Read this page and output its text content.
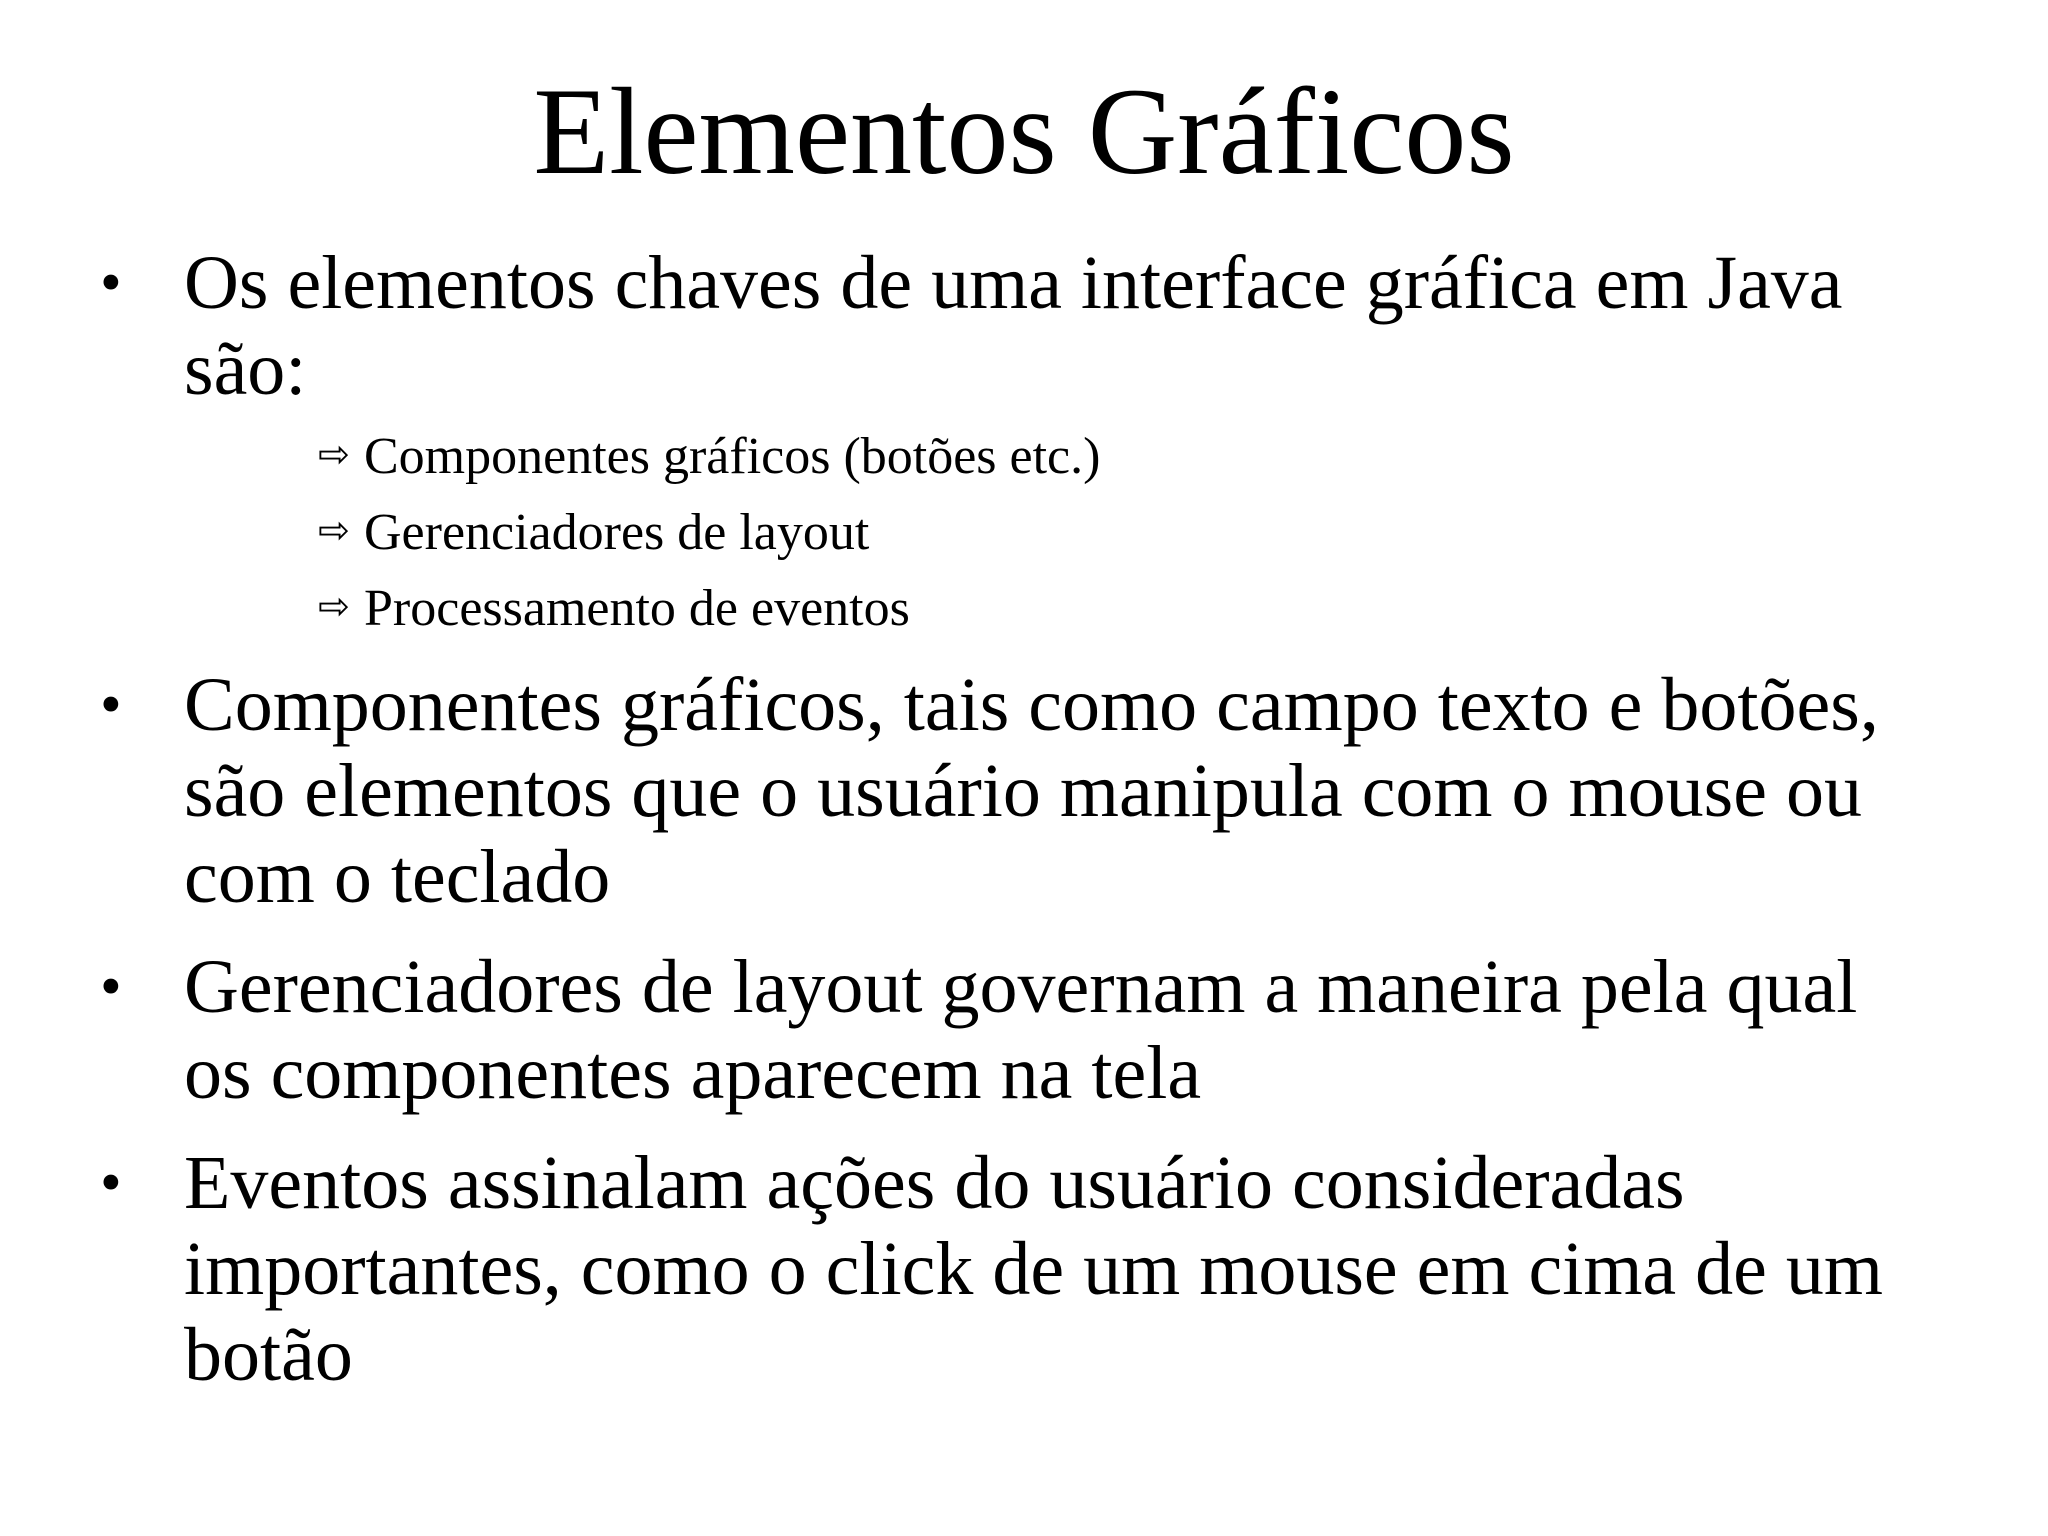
Elementos Gráficos
• Os elementos chaves de uma interface gráfica em Java
são:
⇨ Componentes gráficos (botões etc.)
⇨ Gerenciadores de layout
⇨ Processamento de eventos
• Componentes gráficos, tais como campo texto e botões,
são elementos que o usuário manipula com o mouse ou
com o teclado
• Gerenciadores de layout governam a maneira pela qual
os componentes aparecem na tela
• Eventos assinalam ações do usuário consideradas
importantes, como o click de um mouse em cima de um
botão
